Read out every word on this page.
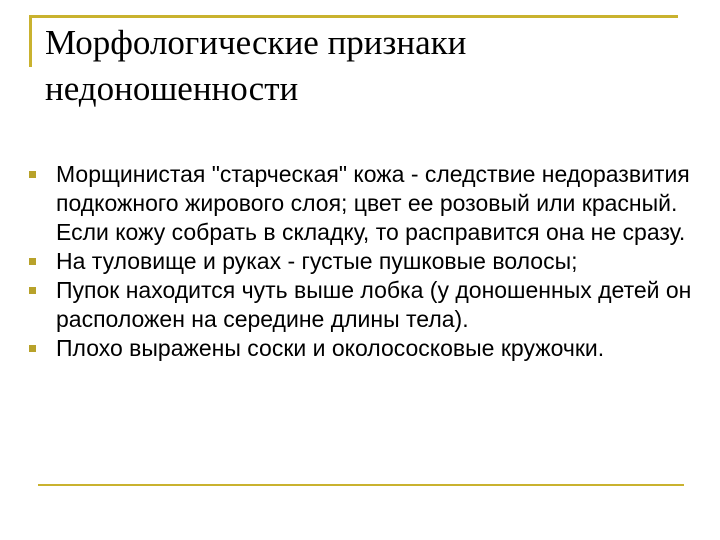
Морфологические признаки недоношенности
Морщинистая "старческая" кожа - следствие недоразвития подкожного жирового слоя; цвет ее розовый или красный. Если кожу собрать в складку, то расправится она не сразу.
На туловище и руках - густые пушковые волосы;
Пупок находится чуть выше лобка (у доношенных детей он расположен на середине длины тела).
Плохо выражены соски и околососковые кружочки.
